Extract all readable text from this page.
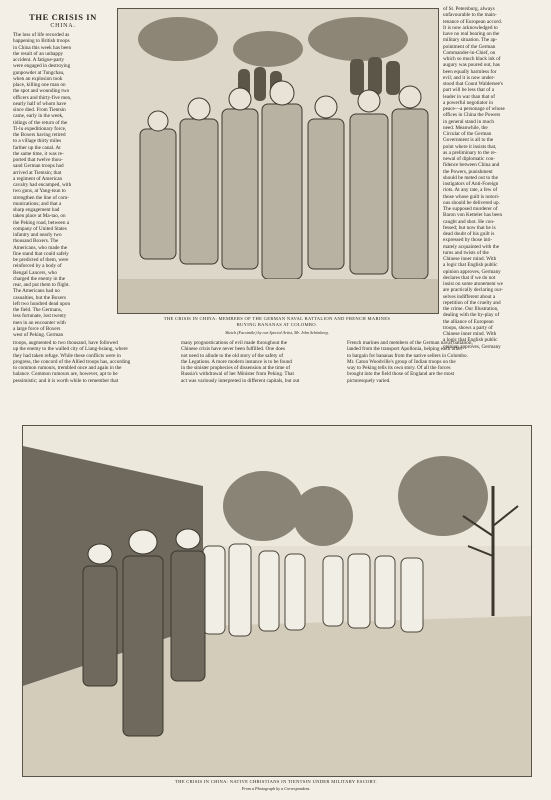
THE CRISIS IN
CHINA.
The loss of life recorded as
happening to British troops
in China this week has been
the result of an unhappy
accident. A fatigue-party
were engaged in destroying
gunpowder at Tungchau,
when an explosion took
place, killing one man on
the spot and wounding two
officers and thirty-five men,
nearly half of whom have
since died. From Tientsin
came, early in the week,
tidings of the return of the
Ti-lu expeditionary force,
the Boxers having retired
to a village thirty miles
farther up the canal. At
the same time, it was re-
ported that twelve thou-
sand German troops had
arrived at Tientsin; that
a regiment of American
cavalry had encamped, with
two guns, at Yang-tsun to
strengthen the line of com-
munications; and that a
sharp engagement had
taken place at Ma-tao, on
the Peking road, between a
company of United States
infantry and nearly two
thousand Boxers. The
Americans, who made the
fine stand that could safely
be predicted of them, were
reinforced by a body of
Bengal Lancers, who
charged the enemy in the
rear, and put them to flight.
The Americans had no
casualties, but the Boxers
left two hundred dead upon
the field. The Germans,
less fortunate, lost twenty
men in an encounter with
a large force of Boxers
west of Peking. German
of St. Petersburg, always
unfavourable to the main-
tenance of European accord.
It is now acknowledged to
have no real bearing on the
military situation. The ap-
pointment of the German
Commander-in-Chief, on
which so much black ink of
augury was poured out, has
been equally harmless for
evil; and it is now under-
stood that Count Waldersee's
part will be less that of a
leader in war than that of
a powerful negotiator in
peace—a personage of whose
offices in China the Powers
in general stand in much
need. Meanwhile, the
Circular of the German
Government is all to the
point where it insists that,
as a preliminary to the re-
newal of diplomatic con-
fidence between China and
the Powers, punishment
should be meted out to the
instigators of Anti-Foreign
riots. At any rate, a few of
those whose guilt is notori-
ous should be delivered up.
The supposed murderer of
Baron von Ketteler has been
caught and shot. He con-
fessed; but now that he is
dead doubt of his guilt is
expressed by those inti-
mately acquainted with the
turns and twists of the
Chinese inner mind. With
a logic that English public
opinion approves, Germany
declares that if we do not
insist on some atonement we
are practically declaring our-
selves indifferent about a
repetition of the cruelty and
the crime. Our Illustration,
dealing with the by-play of
the alliance of European
troops, shows a party of
Chinese inner mind. With
a logic that English public
opinion approves, Germany
THE CRISIS IN CHINA: MEMBERS OF THE GERMAN NAVAL BATTALION AND FRENCH MARINES
BUYING BANANAS AT COLOMBO.
Sketch (Facsimile) by our Special Artist, Mr. John Schönberg.
troops, augmented to two thousand, have followed
up the enemy to the walled city of Liang-hsiang, where
they had taken refuge. While these conflicts were in
progress, the concord of the Allied troops has, according
to common rumours, trembled once and again in the
balance. Common rumours are, however, apt to be
pessimistic; and it is worth while to remember that
many prognostications of evil made throughout the
Chinese crisis have never been fulfilled. One does
not need to allude to the old story of the safety of
the Legations. A more modern instance is to be found
in the sinister prophecies of dissension at the time of
Russia's withdrawal of her Minister from Peking. That
act was variously interpreted in different capitals, but out
French marines and members of the German naval battalion,
landed from the transport Apollonia, helping each other
to bargain for bananas from the native sellers in Colombo.
Mr. Caton Woodville's group of Indian troops on the
way to Peking tells its own story. Of all the forces
brought into the field those of England are the most
picturesquely varied.
THE CRISIS IN CHINA: NATIVE CHRISTIANS IN TIENTSIN UNDER MILITARY ESCORT.
From a Photograph by a Correspondent.
